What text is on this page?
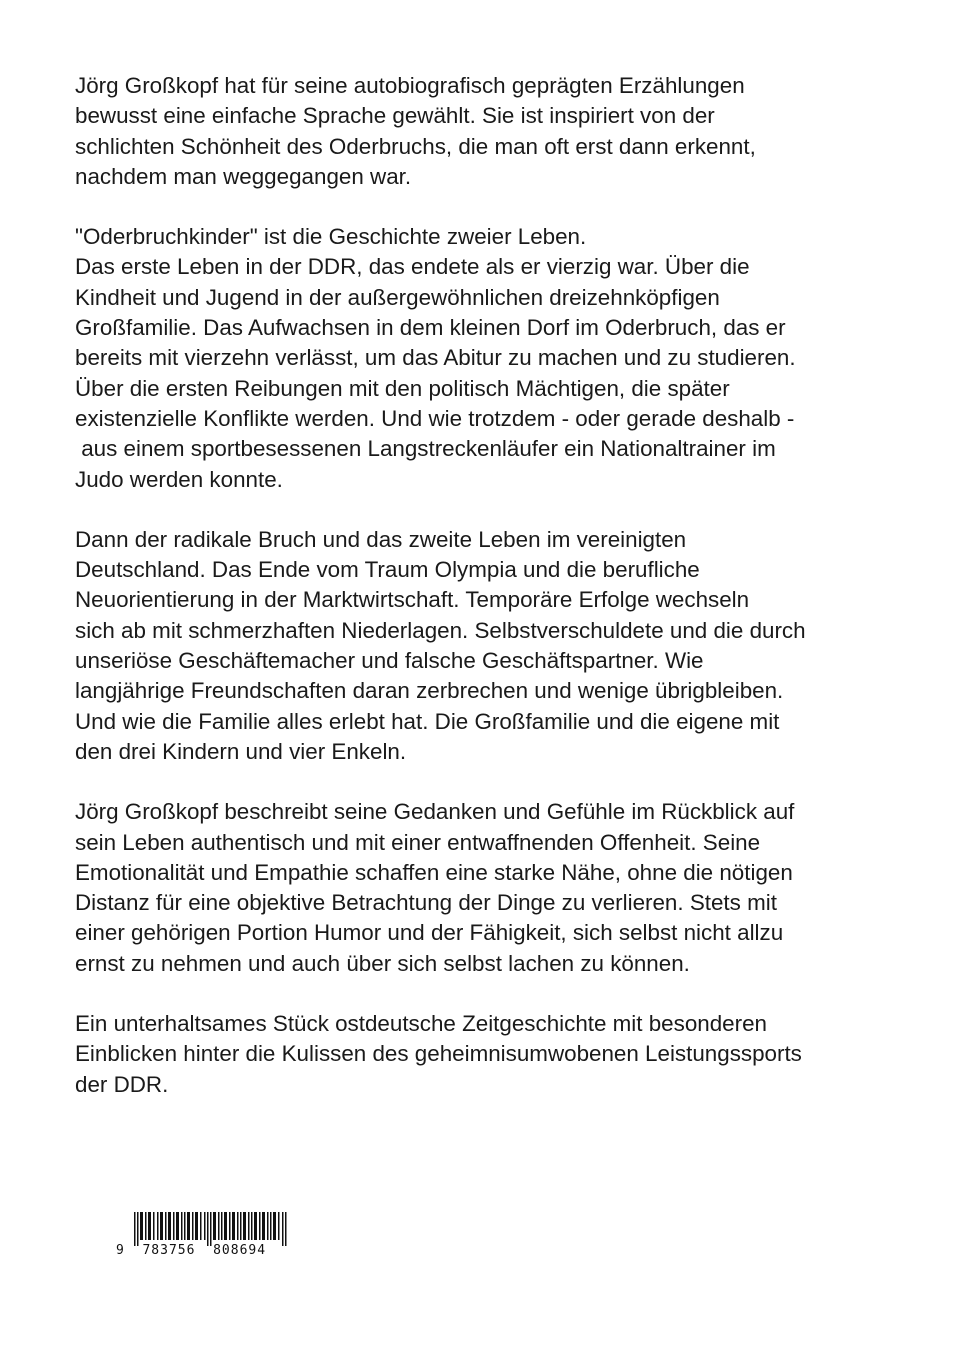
Jörg Großkopf hat für seine autobiografisch geprägten Erzählungen
bewusst eine einfache Sprache gewählt. Sie ist inspiriert von der
schlichten Schönheit des Oderbruchs, die man oft erst dann erkennt,
nachdem man weggegangen war.
"Oderbruchkinder" ist die Geschichte zweier Leben.
Das erste Leben in der DDR, das endete als er vierzig war. Über die
Kindheit und Jugend in der außergewöhnlichen dreizehnköpfigen
Großfamilie. Das Aufwachsen in dem kleinen Dorf im Oderbruch, das er
bereits mit vierzehn verlässt, um das Abitur zu machen und zu studieren.
Über die ersten Reibungen mit den politisch Mächtigen, die später
existenzielle Konflikte werden. Und wie trotzdem - oder gerade deshalb -
aus einem sportbesessenen Langstreckenläufer ein Nationaltrainer im
Judo werden konnte.
Dann der radikale Bruch und das zweite Leben im vereinigten
Deutschland. Das Ende vom Traum Olympia und die berufliche
Neuorientierung in der Marktwirtschaft. Temporäre Erfolge wechseln
sich ab mit schmerzhaften Niederlagen. Selbstverschuldete und die durch
unseriöse Geschäftemacher und falsche Geschäftspartner. Wie
langjährige Freundschaften daran zerbrechen und wenige übrigbleiben.
Und wie die Familie alles erlebt hat. Die Großfamilie und die eigene mit
den drei Kindern und vier Enkeln.
Jörg Großkopf beschreibt seine Gedanken und Gefühle im Rückblick auf
sein Leben authentisch und mit einer entwaffnenden Offenheit. Seine
Emotionalität und Empathie schaffen eine starke Nähe, ohne die nötigen
Distanz für eine objektive Betrachtung der Dinge zu verlieren. Stets mit
einer gehörigen Portion Humor und der Fähigkeit, sich selbst nicht allzu
ernst zu nehmen und auch über sich selbst lachen zu können.
Ein unterhaltsames Stück ostdeutsche Zeitgeschichte mit besonderen
Einblicken hinter die Kulissen des geheimnisumwobenen Leistungssports
der DDR.
9  783756  808694
